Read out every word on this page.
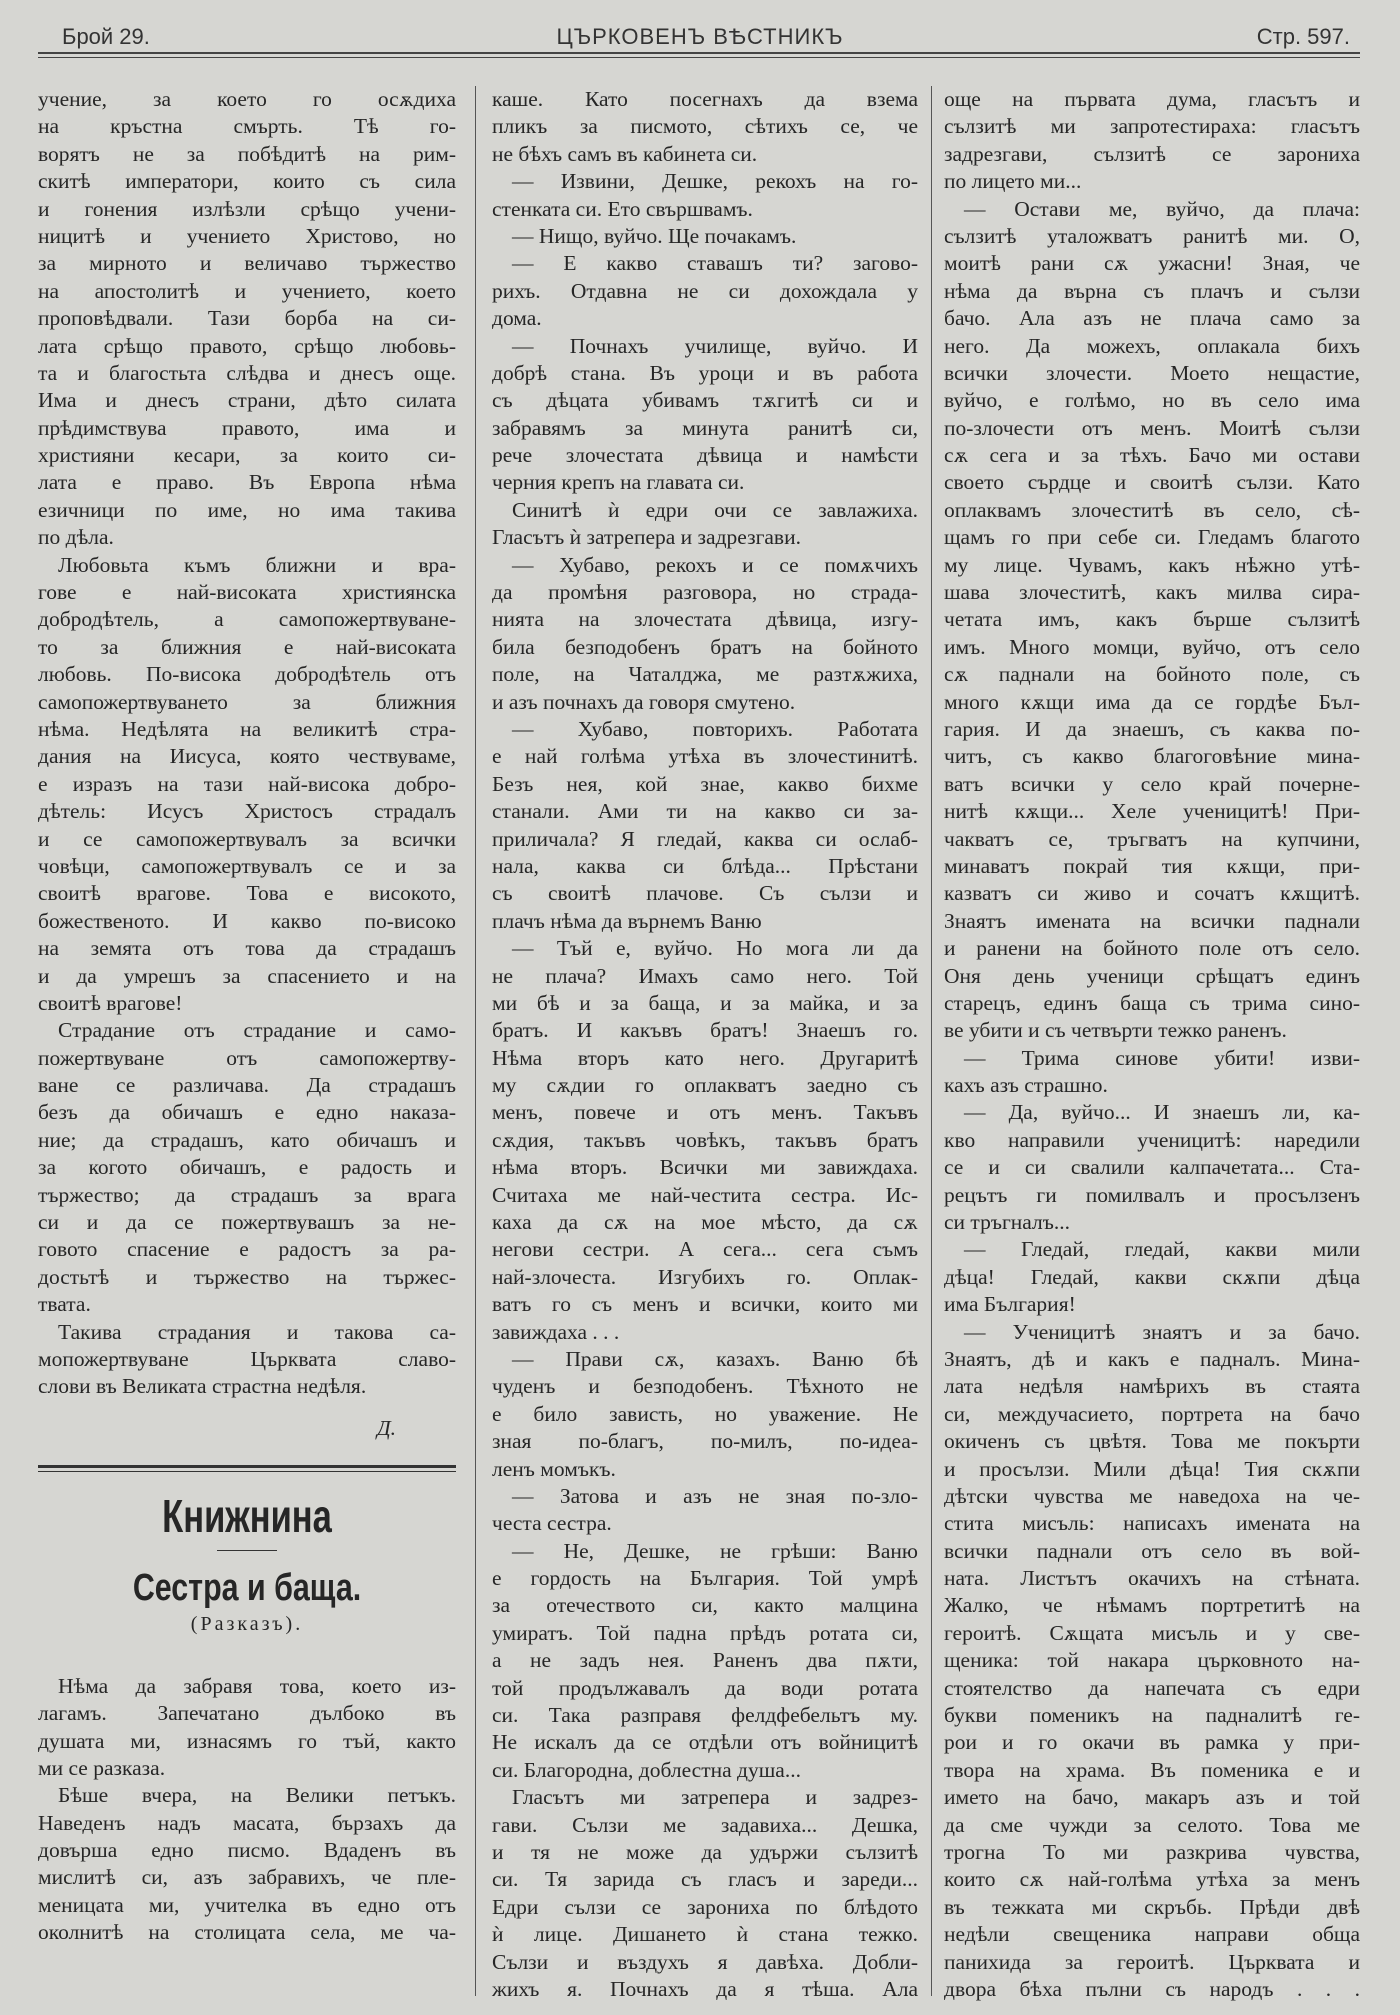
Брой 29.	ЦЪРКОВЕНЪ ВѢСТНИКЪ	Стр. 597.
учение, за което го осѫдиха
на кръстна смърть. Тѣ го-
ворятъ не за побѣдитѣ на рим-
скитѣ императори, които съ сила
и гонения излѣзли срѣщо учени-
ницитѣ и учението Христово, но
за мирното и величаво тържество
на апостолитѣ и учението, което
проповѣдвали. Тази борба на си-
лата срѣщо правото, срѣщо любовь-
та и благостьта слѣдва и днесъ още.
Има и днесъ страни, дѣто силата
прѣдимствува правото, има и
християни кесари, за които си-
лата е право. Въ Европа нѣма
езичници по име, но има такива
по дѣла.
Любовьта къмъ ближни и вра-
гове е най-високата християнска
добродѣтель, а самопожертвуване-
то за ближния е най-високата
любовь. По-висока добродѣтель отъ
самопожертвуването за ближния
нѣма. Недѣлята на великитѣ стра-
дания на Иисуса, която чествуваме,
е изразъ на тази най-висока добро-
дѣтель: Исусъ Христосъ страдалъ
и се самопожертвувалъ за всички
човѣци, самопожертвувалъ се и за
своитѣ врагове. Това е високото,
божественото. И какво по-високо
на земята отъ това да страдашъ
и да умрешъ за спасението и на
своитѣ врагове!
Страдание отъ страдание и само-
пожертвуване отъ самопожертву-
ване се различава. Да страдашъ
безъ да обичашъ е едно наказа-
ние; да страдашъ, като обичашъ и
за когото обичашъ, е радость и
тържество; да страдашъ за врага
си и да се пожертвувашъ за не-
говото спасение е радостъ за ра-
достьтѣ и тържество на тържес-
твата.
Такива страдания и такова са-
мопожертвуване Църквата славо-
слови въ Великата страстна недѣля.
Д.
Книжнина
Сестра и баща.
(Разказъ).
Нѣма да забравя това, което из-
лагамъ. Запечатано дълбоко въ
душата ми, изнасямъ го тъй, както
ми се разказа.
Бѣше вчера, на Велики петъкъ.
Наведенъ надъ масата, бързахъ да
довърша едно писмо. Вдаденъ въ
мислитѣ си, азъ забравихъ, че пле-
меницата ми, учителка въ едно отъ
околнитѣ на столицата села, ме ча-
каше. Като посегнахъ да взема
пликъ за писмото, сѣтихъ се, че
не бѣхъ самъ въ кабинета си.
— Извини, Дешке, рекохъ на го-
стенката си. Ето свършвамъ.
— Нищо, вуйчо. Ще почакамъ.
— Е какво ставашъ ти? загово-
рихъ. Отдавна не си дохождала у
дома.
— Почнахъ училище, вуйчо. И
добрѣ стана. Въ уроци и въ работа
съ дѣцата убивамъ тѫгитѣ си и
забравямъ за минута ранитѣ си,
рече злочестата дѣвица и намѣсти
черния крепъ на главата си.
Синитѣ ѝ едри очи се завлажиха.
Гласътъ ѝ затрепера и задрезгави.
— Хубаво, рекохъ и се помѫчихъ
да промѣня разговора, но страда-
нията на злочестата дѣвица, изгу-
била безподобенъ братъ на бойното
поле, на Чаталджа, ме разтѫжиха,
и азъ почнахъ да говоря смутено.
— Хубаво, повторихъ. Работата
е най голѣма утѣха въ злочестинитѣ.
Безъ нея, кой знае, какво бихме
станали. Ами ти на какво си за-
приличала? Я гледай, каква си ослаб-
нала, каква си блѣда... Прѣстани
съ своитѣ плачове. Съ сълзи и
плачъ нѣма да върнемъ Ваню
— Тъй е, вуйчо. Но мога ли да
не плача? Имахъ само него. Той
ми бѣ и за баща, и за майка, и за
братъ. И какъвъ братъ! Знаешъ го.
Нѣма вторъ като него. Другаритѣ
му сѫдии го оплакватъ заедно съ
менъ, повече и отъ менъ. Такъвъ
сѫдия, такъвъ човѣкъ, такъвъ братъ
нѣма вторъ. Всички ми завиждаха.
Считаха ме най-честита сестра. Ис-
каха да сѫ на мое мѣсто, да сѫ
негови сестри. А сега... сега съмъ
най-злочеста. Изгубихъ го. Оплак-
ватъ го съ менъ и всички, които ми
завиждаха . . .
— Прави сѫ, казахъ. Ваню бѣ
чуденъ и безподобенъ. Тѣхното не
е било зависть, но уважение. Не
зная по-благъ, по-милъ, по-идеа-
ленъ момъкъ.
— Затова и азъ не зная по-зло-
честа сестра.
— Не, Дешке, не грѣши: Ваню
е гордость на България. Той умрѣ
за отечеството си, както малцина
умиратъ. Той падна прѣдъ ротата си,
а не задъ нея. Раненъ два пѫти,
той продължавалъ да води ротата
си. Така разправя фелдфебельтъ му.
Не искалъ да се отдѣли отъ войницитѣ
си. Благородна, доблестна душа...
Гласътъ ми затрепера и задрез-
гави. Сълзи ме задавиха... Дешка,
и тя не може да удържи сълзитѣ
си. Тя зарида съ гласъ и зареди...
Едри сълзи се зарониха по блѣдото
ѝ лице. Дишането ѝ стана тежко.
Сълзи и въздухъ я давѣха. Добли-
жихъ я. Почнахъ да я тѣша. Ала
още на първата дума, гласътъ и
сълзитѣ ми запротестираха: гласътъ
задрезгави, сълзитѣ се зарониха
по лицето ми...
— Остави ме, вуйчо, да плача:
сълзитѣ уталожватъ ранитѣ ми. О,
моитѣ рани сѫ ужасни! Зная, че
нѣма да върна съ плачъ и сълзи
бачо. Ала азъ не плача само за
него. Да можехъ, оплакала бихъ
всички злочести. Моето нещастие,
вуйчо, е голѣмо, но въ село има
по-злочести отъ менъ. Моитѣ сълзи
сѫ сега и за тѣхъ. Бачо ми остави
своето сърдце и своитѣ сълзи. Като
оплаквамъ злочеститѣ въ село, сѣ-
щамъ го при себе си. Гледамъ благото
му лице. Чувамъ, какъ нѣжно утѣ-
шава злочеститѣ, какъ милва сира-
четата имъ, какъ бърше сълзитѣ
имъ. Много момци, вуйчо, отъ село
сѫ паднали на бойното поле, съ
много кѫщи има да се гордѣе Бъл-
гария. И да знаешъ, съ каква по-
читъ, съ какво благоговѣние мина-
ватъ всички у село край почерне-
нитѣ кѫщи... Хеле ученицитѣ! При-
чакватъ се, тръгватъ на купчини,
минаватъ покрай тия кѫщи, при-
казватъ си живо и сочатъ кѫщитѣ.
Знаятъ имената на всички паднали
и ранени на бойното поле отъ село.
Оня день ученици срѣщатъ единъ
старецъ, единъ баща съ трима сино-
ве убити и съ четвърти тежко раненъ.
— Трима синове убити! изви-
кахъ азъ страшно.
— Да, вуйчо... И знаешъ ли, ка-
кво направили ученицитѣ: наредили
се и си свалили калпачетата... Ста-
рецътъ ги помилвалъ и просълзенъ
си тръгналъ...
— Гледай, гледай, какви мили
дѣца! Гледай, какви скѫпи дѣца
има България!
— Ученицитѣ знаятъ и за бачо.
Знаятъ, дѣ и какъ е падналъ. Мина-
лата недѣля намѣрихъ въ стаята
си, междучасието, портрета на бачо
окиченъ съ цвѣтя. Това ме покърти
и просълзи. Мили дѣца! Тия скѫпи
дѣтски чувства ме наведоха на че-
стита мисъль: написахъ имената на
всички паднали отъ село въ вой-
ната. Листътъ окачихъ на стѣната.
Жалко, че нѣмамъ портретитѣ на
героитѣ. Сѫщата мисъль и у све-
щеника: той накара църковното на-
стоятелство да напечата съ едри
букви поменикъ на падналитѣ ге-
рои и го окачи въ рамка у при-
твора на храма. Въ поменика е и
името на бачо, макаръ азъ и той
да сме чужди за селото. Това ме
трогна То ми разкрива чувства,
които сѫ най-голѣма утѣха за менъ
въ тежката ми скръбь. Прѣди двѣ
недѣли свещеника направи обща
панихида за героитѣ. Църквата и
двора бѣха пълни съ народъ . . .
